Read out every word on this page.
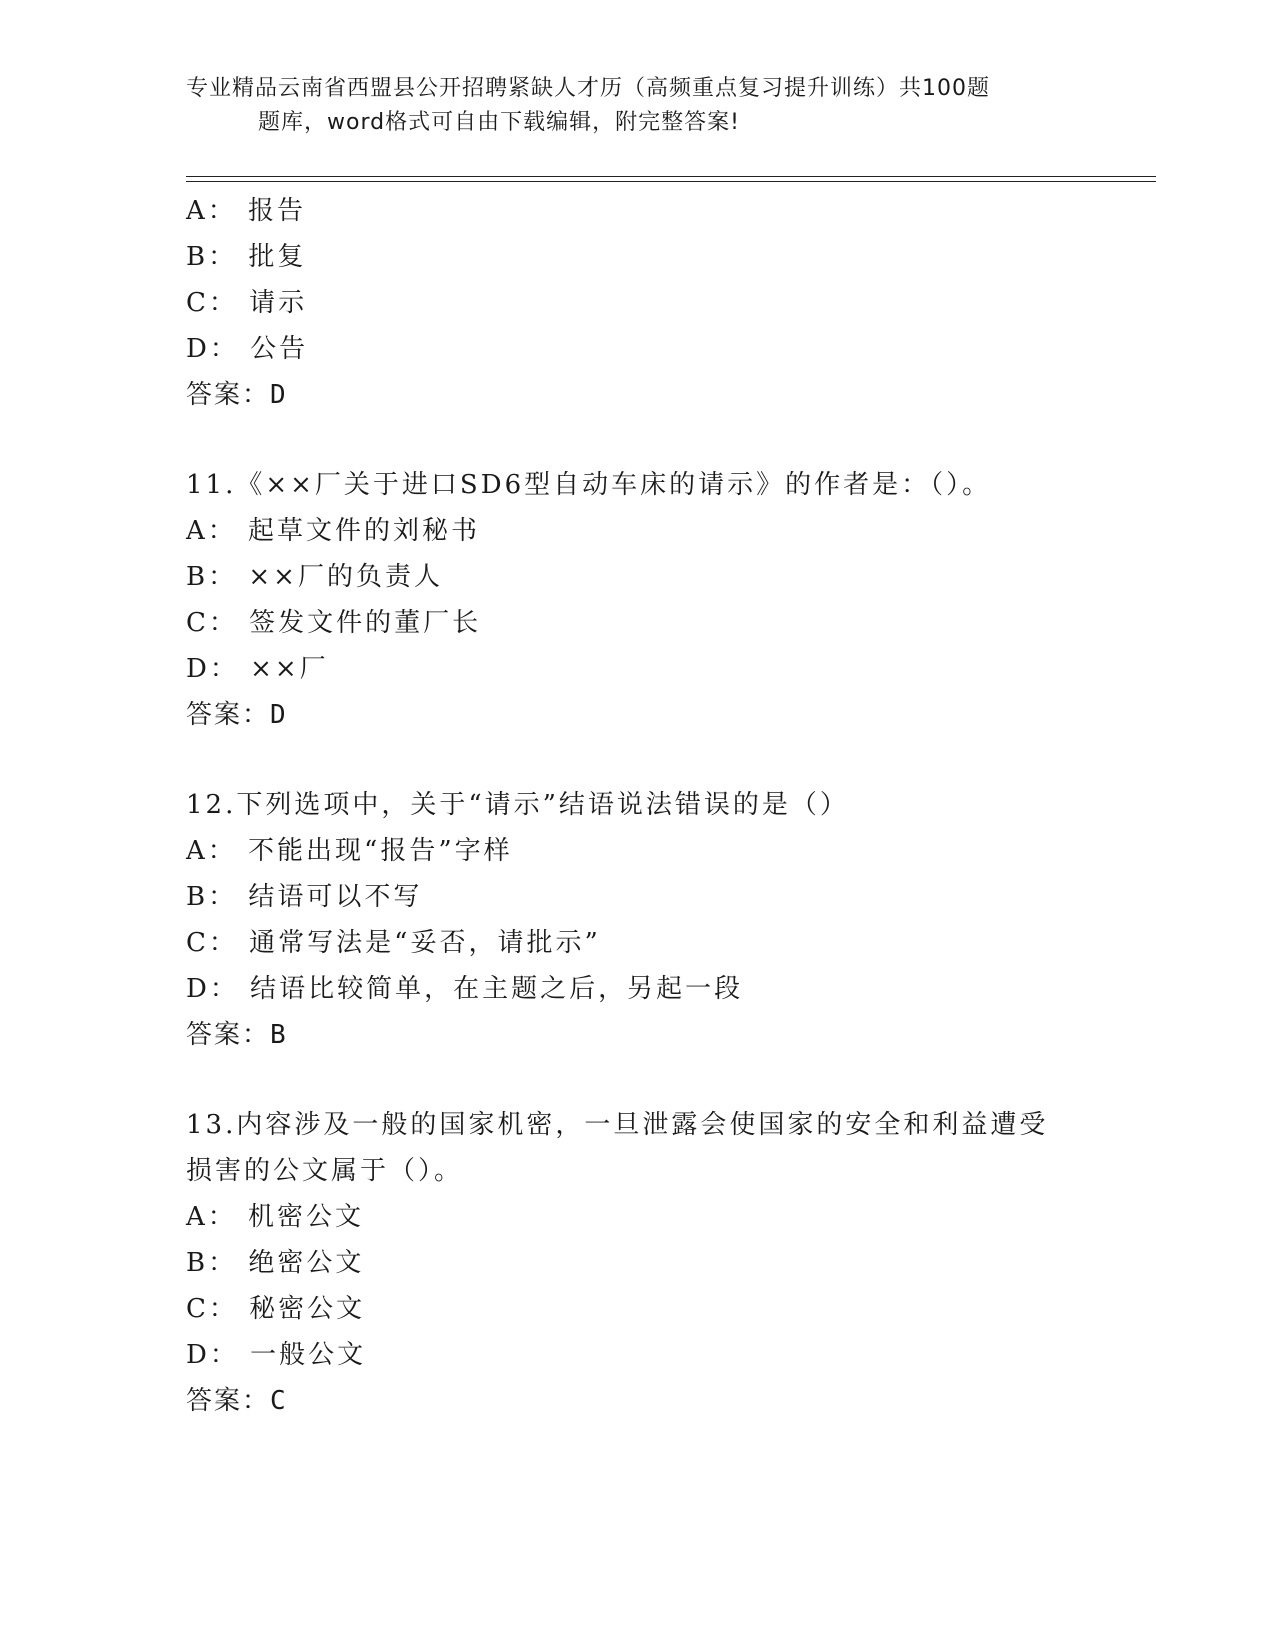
专业精品云南省西盟县公开招聘紧缺人才历（高频重点复习提升训练）共100题
题库，word格式可自由下载编辑，附完整答案!
A： 报告
B： 批复
C： 请示
D： 公告
答案：D
11.《××厂关于进口SD6型自动车床的请示》的作者是：（）。
A： 起草文件的刘秘书
B： ××厂的负责人
C： 签发文件的董厂长
D： ××厂
答案：D
12.下列选项中，关于“请示”结语说法错误的是（）
A： 不能出现“报告”字样
B： 结语可以不写
C： 通常写法是“妥否，请批示”
D： 结语比较简单，在主题之后，另起一段
答案：B
13.内容涉及一般的国家机密，一旦泄露会使国家的安全和利益遭受损害的公文属于（）。
A： 机密公文
B： 绝密公文
C： 秘密公文
D： 一般公文
答案：C
